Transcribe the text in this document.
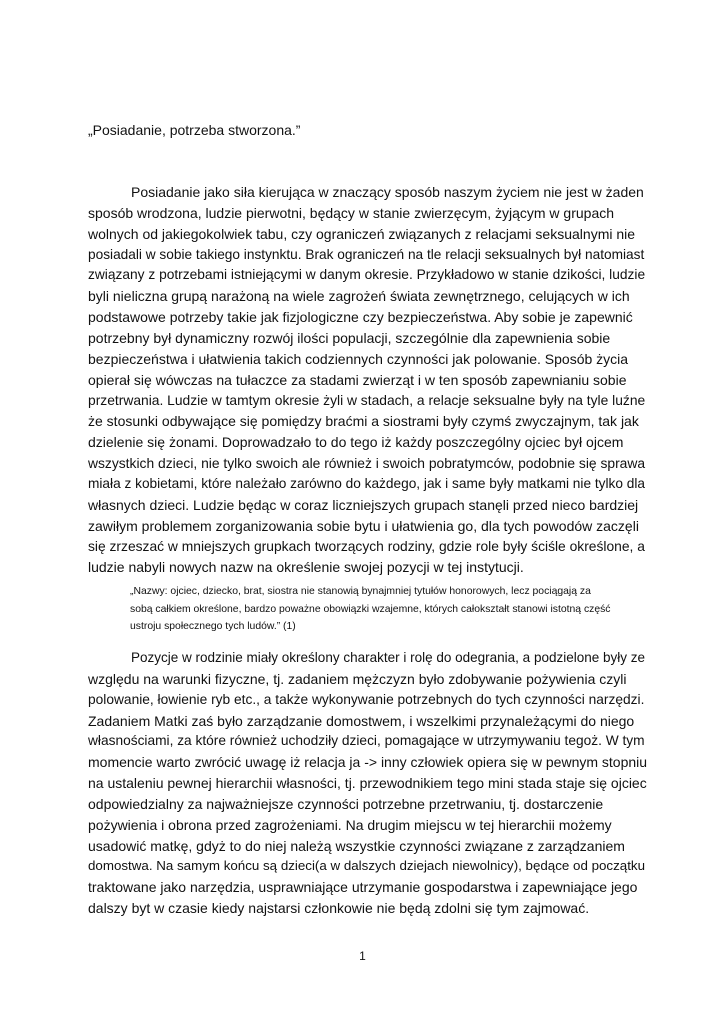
„Posiadanie, potrzeba stworzona.”

Posiadanie jako siła kierująca w znaczący sposób naszym życiem nie jest w żaden
sposób wrodzona, ludzie pierwotni, będący w stanie zwierzęcym, żyjącym w grupach
wolnych od jakiegokolwiek tabu, czy ograniczeń związanych z relacjami seksualnymi nie
posiadali w sobie takiego instynktu. Brak ograniczeń na tle relacji seksualnych był natomiast
związany z potrzebami istniejącymi w danym okresie. Przykładowo w stanie dzikości, ludzie
byli nieliczna grupą narażoną na wiele zagrożeń świata zewnętrznego, celujących w ich
podstawowe potrzeby takie jak fizjologiczne czy bezpieczeństwa. Aby sobie je zapewnić
potrzebny był dynamiczny rozwój ilości populacji, szczególnie dla zapewnienia sobie
bezpieczeństwa i ułatwienia takich codziennych czynności jak polowanie. Sposób życia
opierał się wówczas na tułaczce za stadami zwierząt i w ten sposób zapewnianiu sobie
przetrwania. Ludzie w tamtym okresie żyli w stadach, a relacje seksualne były na tyle luźne
że stosunki odbywające się pomiędzy braćmi a siostrami były czymś zwyczajnym, tak jak
dzielenie się żonami. Doprowadzało to do tego iż każdy poszczególny ojciec był ojcem
wszystkich dzieci, nie tylko swoich ale również i swoich pobratymców, podobnie się sprawa
miała z kobietami, które należało zarówno do każdego, jak i same były matkami nie tylko dla
własnych dzieci. Ludzie będąc w coraz liczniejszych grupach stanęli przed nieco bardziej
zawiłym problemem zorganizowania sobie bytu i ułatwienia go, dla tych powodów zaczęli
się zrzeszać w mniejszych grupkach tworzących rodziny, gdzie role były ściśle określone, a
ludzie nabyli nowych nazw na określenie swojej pozycji w tej instytucji.
„Nazwy: ojciec, dziecko, brat, siostra nie stanowią bynajmniej tytułów honorowych, lecz pociągają za
sobą całkiem określone, bardzo poważne obowiązki wzajemne, których całokształt stanowi istotną część
ustroju społecznego tych ludów.” (1)
Pozycje w rodzinie miały określony charakter i rolę do odegrania, a podzielone były ze
względu na warunki fizyczne, tj. zadaniem mężczyzn było zdobywanie pożywienia czyli
polowanie, łowienie ryb etc., a także wykonywanie potrzebnych do tych czynności narzędzi.
Zadaniem Matki zaś było zarządzanie domostwem, i wszelkimi przynależącymi do niego
własnościami, za które również uchodziły dzieci, pomagające w utrzymywaniu tegoż. W tym
momencie warto zwrócić uwagę iż relacja ja -> inny człowiek opiera się w pewnym stopniu
na ustaleniu pewnej hierarchii własności, tj. przewodnikiem tego mini stada staje się ojciec
odpowiedzialny za najważniejsze czynności potrzebne przetrwaniu, tj. dostarczenie
pożywienia i obrona przed zagrożeniami. Na drugim miejscu w tej hierarchii możemy
usadowić matkę, gdyż to do niej należą wszystkie czynności związane z zarządzaniem
domostwa. Na samym końcu są dzieci(a w dalszych dziejach niewolnicy), będące od początku
traktowane jako narzędzia, usprawniające utrzymanie gospodarstwa i zapewniające jego
dalszy byt w czasie kiedy najstarsi członkowie nie będą zdolni się tym zajmować.

1
